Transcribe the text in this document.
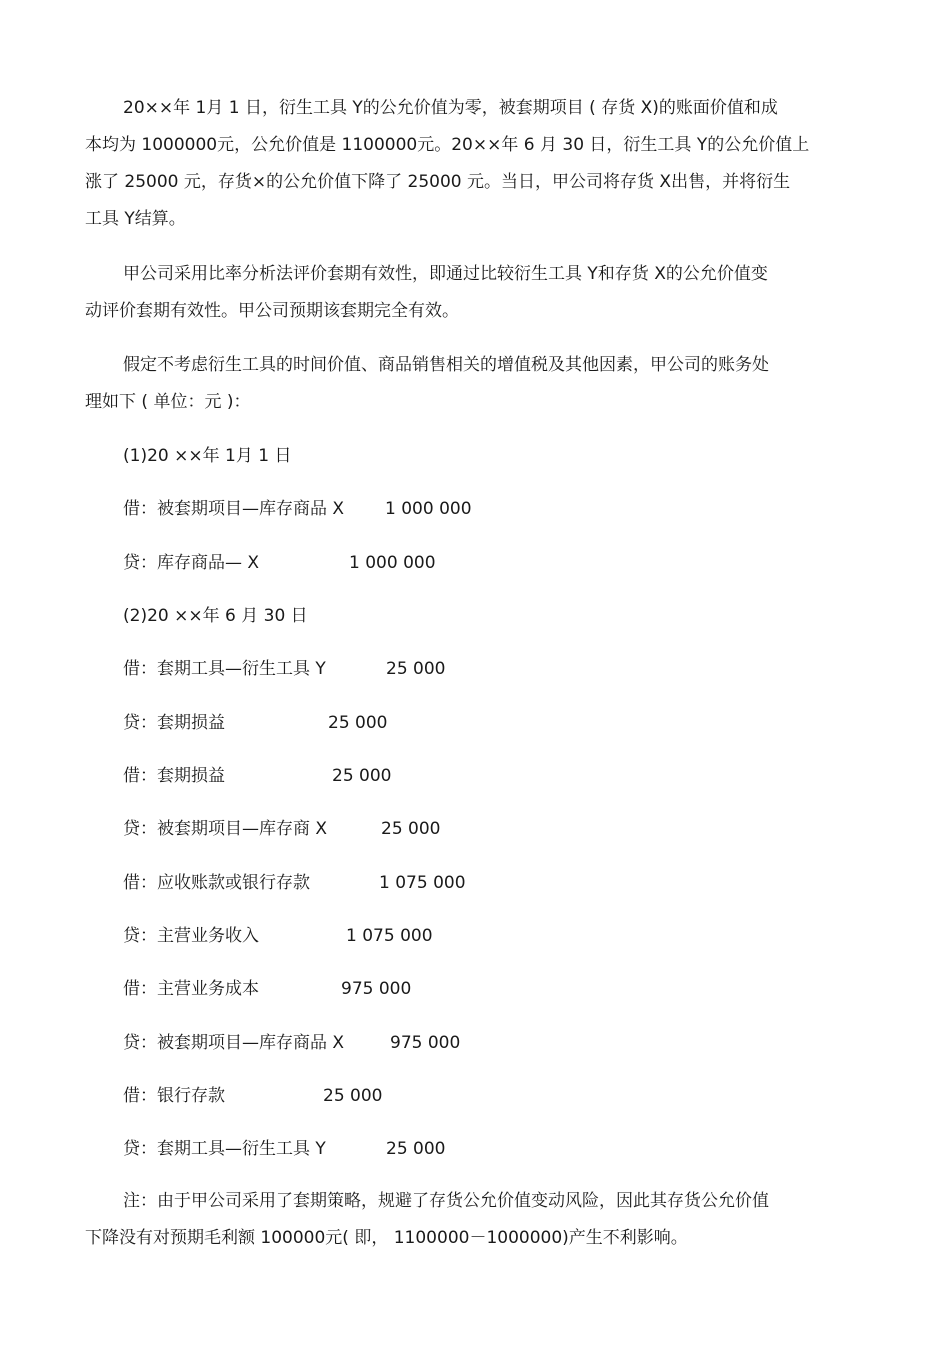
20××年 1月 1 日，衍生工具 Y的公允价值为零，被套期项目 ( 存货 X)的账面价值和成
本均为 1000000元，公允价值是 1100000元。20××年 6 月 30 日，衍生工具 Y的公允价值上
涨了 25000 元，存货×的公允价值下降了 25000 元。当日，甲公司将存货 X出售，并将衍生
工具 Y结算。

甲公司采用比率分析法评价套期有效性，即通过比较衍生工具 Y和存货 X的公允价值变
动评价套期有效性。甲公司预期该套期完全有效。

假定不考虑衍生工具的时间价值、商品销售相关的增值税及其他因素，甲公司的账务处
理如下 ( 单位：元 )：

(1)20 ××年 1月 1 日
借：被套期项目—库存商品 X 1 000 000
贷：库存商品— X	1 000 000
(2)20 ××年 6 月 30 日
借：套期工具—衍生工具 Y	25 000
贷：套期损益	25 000
借：套期损益	25 000
贷：被套期项目—库存商 X	25 000
借：应收账款或银行存款	1 075 000
贷：主营业务收入	1 075 000
借：主营业务成本	975 000
贷：被套期项目—库存商品 X	975 000
借：银行存款	25 000
贷：套期工具—衍生工具 Y	25 000

注：由于甲公司采用了套期策略，规避了存货公允价值变动风险，因此其存货公允价值
下降没有对预期毛利额 100000元( 即， 1100000－1000000)产生不利影响。
